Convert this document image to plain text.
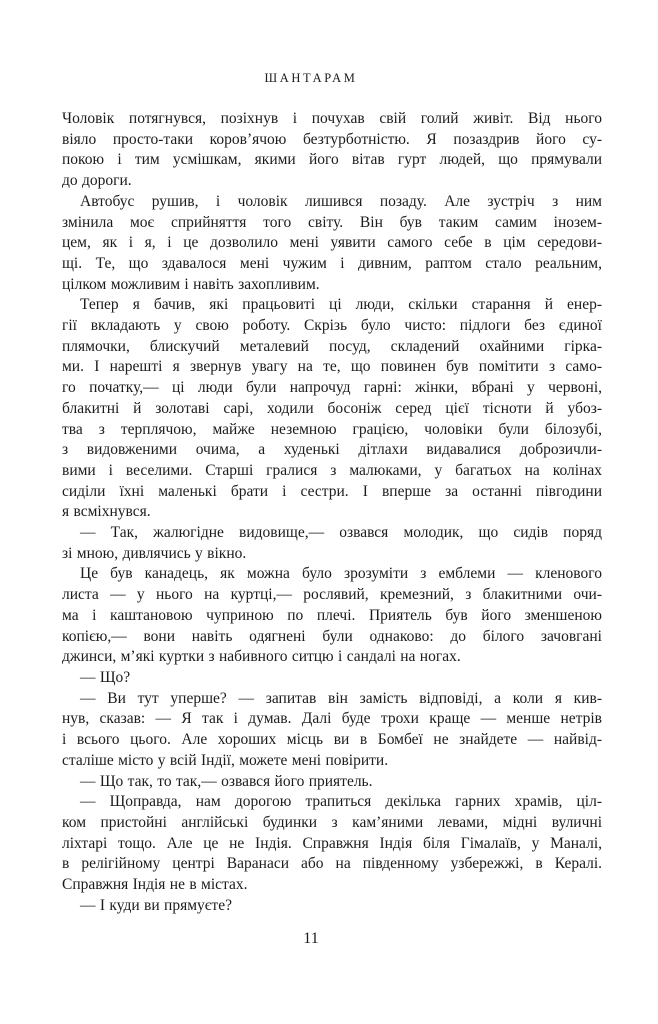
ШАНТАРАМ
Чоловік потягнувся, позіхнув і почухав свій голий живіт. Від нього
віяло просто-таки коров’ячою безтурботністю. Я позаздрив його су-
покою і тим усмішкам, якими його вітав гурт людей, що прямували
до дороги.
Автобус рушив, і чоловік лишився позаду. Але зустріч з ним
змінила моє сприйняття того світу. Він був таким самим інозем-
цем, як і я, і це дозволило мені уявити самого себе в цім середови-
щі. Те, що здавалося мені чужим і дивним, раптом стало реальним,
цілком можливим і навіть захопливим.
Тепер я бачив, які працьовиті ці люди, скільки старання й енер-
гії вкладають у свою роботу. Скрізь було чисто: підлоги без єдиної
плямочки, блискучий металевий посуд, складений охайними гірка-
ми. І нарешті я звернув увагу на те, що повинен був помітити з само-
го початку,— ці люди були напрочуд гарні: жінки, вбрані у червоні,
блакитні й золотаві сарі, ходили босоніж серед цієї тісноти й убоз-
тва з терплячою, майже неземною грацією, чоловіки були білозубі,
з видовженими очима, а худенькі дітлахи видавалися доброзичли-
вими і веселими. Старші гралися з малюками, у багатьох на колінах
сиділи їхні маленькі брати і сестри. І вперше за останні півгодини
я всміхнувся.
— Так, жалюгідне видовище,— озвався молодик, що сидів поряд
зі мною, дивлячись у вікно.
Це був канадець, як можна було зрозуміти з емблеми — кленового
листа — у нього на куртці,— рослявий, кремезний, з блакитними очи-
ма і каштановою чуприною по плечі. Приятель був його зменшеною
копією,— вони навіть одягнені були однаково: до білого зачовгані
джинси, м’які куртки з набивного ситцю і сандалі на ногах.
— Що?
— Ви тут уперше? — запитав він замість відповіді, а коли я кив-
нув, сказав: — Я так і думав. Далі буде трохи краще — менше нетрів
і всього цього. Але хороших місць ви в Бомбеї не знайдете — найвід-
сталіше місто у всій Індії, можете мені повірити.
— Що так, то так,— озвався його приятель.
— Щоправда, нам дорогою трапиться декілька гарних храмів, ціл-
ком пристойні англійські будинки з кам’яними левами, мідні вуличні
ліхтарі тощо. Але це не Індія. Справжня Індія біля Гімалаїв, у Маналі,
в релігійному центрі Варанаси або на південному узбережжі, в Кералі.
Справжня Індія не в містах.
— І куди ви прямуєте?
11
